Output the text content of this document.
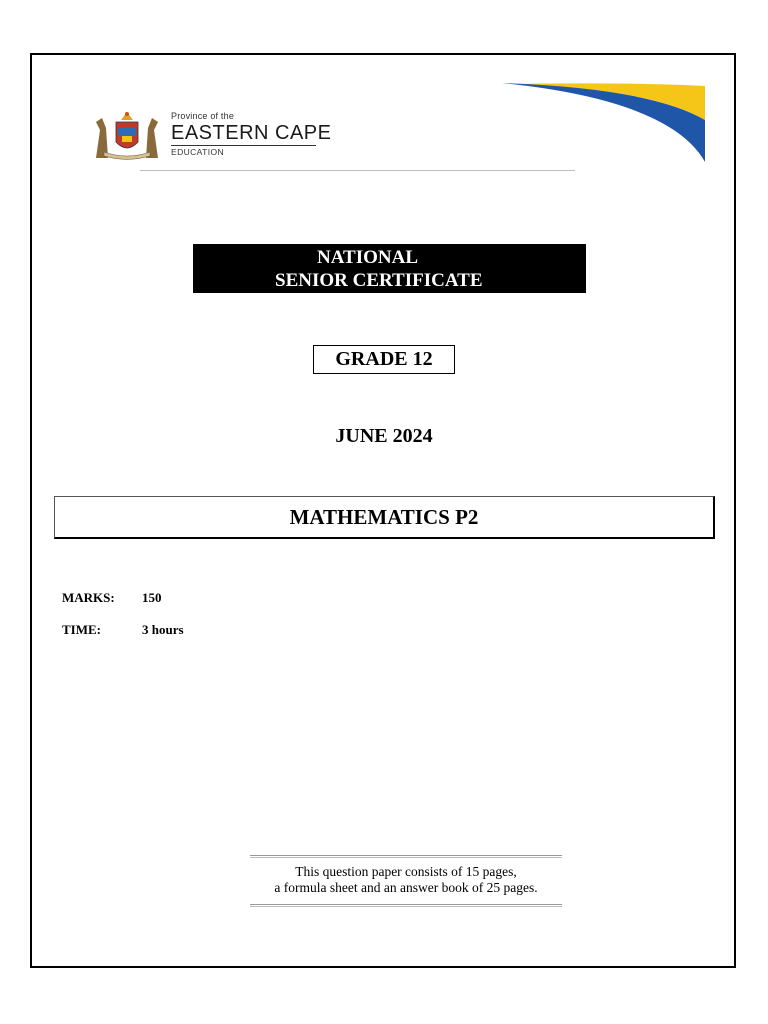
Province of the
EASTERN CAPE
EDUCATION
NATIONAL
SENIOR CERTIFICATE
GRADE 12
JUNE 2024
MATHEMATICS P2
MARKS: 150
TIME:	3 hours
This question paper consists of 15 pages,
a formula sheet and an answer book of 25 pages.
